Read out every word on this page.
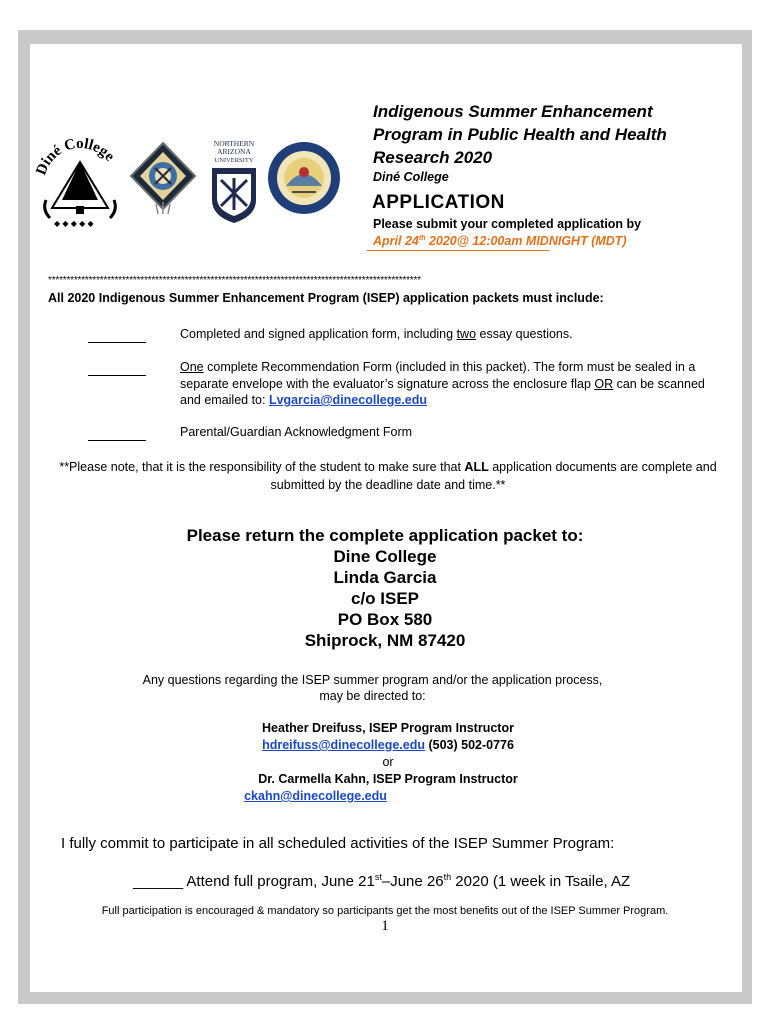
Diné College
◆ ◆ ◆ ◆ ◆
NORTHERN
ARIZONA
UNIVERSITY
Indigenous Summer Enhancement Program in Public Health and Health Research 2020
Diné College
APPLICATION
Please submit your completed application by
April 24th 2020@ 12:00am MIDNIGHT (MDT)
*****************************************************************************************************
All 2020 Indigenous Summer Enhancement Program (ISEP) application packets must include:
Completed and signed application form, including two essay questions.
One complete Recommendation Form (included in this packet). The form must be sealed in a separate envelope with the evaluator’s signature across the enclosure flap OR can be scanned and emailed to: Lvgarcia@dinecollege.edu
Parental/Guardian Acknowledgment Form
**Please note, that it is the responsibility of the student to make sure that ALL application documents are complete and submitted by the deadline date and time.**
Please return the complete application packet to:
Dine College
Linda Garcia
c/o ISEP
PO Box 580
Shiprock, NM 87420
Any questions regarding the ISEP summer program and/or the application process,
may be directed to:
Heather Dreifuss, ISEP Program Instructor
hdreifuss@dinecollege.edu (503) 502-0776
or
Dr. Carmella Kahn, ISEP Program Instructor
ckahn@dinecollege.edu
I fully commit to participate in all scheduled activities of the ISEP Summer Program:
______ Attend full program, June 21st–June 26th 2020 (1 week in Tsaile, AZ
Full participation is encouraged & mandatory so participants get the most benefits out of the ISEP Summer Program.
1
